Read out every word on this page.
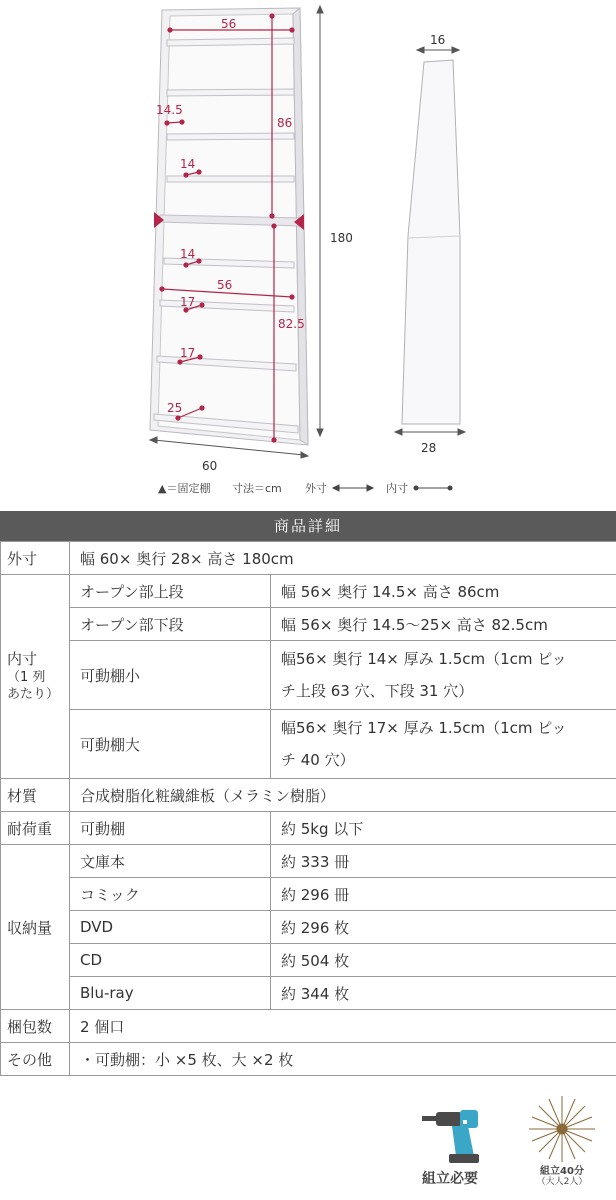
56
86
14.5
14
14
56
17
82.5
17
25
180
60
16
28
▲＝固定棚 寸法＝cm 外寸	内寸
商品詳細
外寸	幅 60× 奥行 28× 高さ 180cm	

内寸
（1 列
あたり）	オープン部上段	幅 56× 奥行 14.5× 高さ 86cm
	オープン部下段	幅 56× 奥行 14.5〜25× 高さ 82.5cm
	可動棚小	幅56× 奥行 14× 厚み 1.5cm（1cm ピッ
チ上段 63 穴、下段 31 穴）

	可動棚大	幅56× 奥行 17× 厚み 1.5cm（1cm ピッ
チ 40 穴）

材質	合成樹脂化粧繊維板（メラミン樹脂）	
耐荷重	可動棚	約 5kg 以下
収納量	文庫本	約 333 冊
	コミック	約 296 冊
	DVD	約 296 枚
	CD	約 504 枚
	Blu-ray	約 344 枚
梱包数	2 個口	
その他	・可動棚：小 ×5 枚、大 ×2 枚	
組立必要	組立40分
（大人2人）
